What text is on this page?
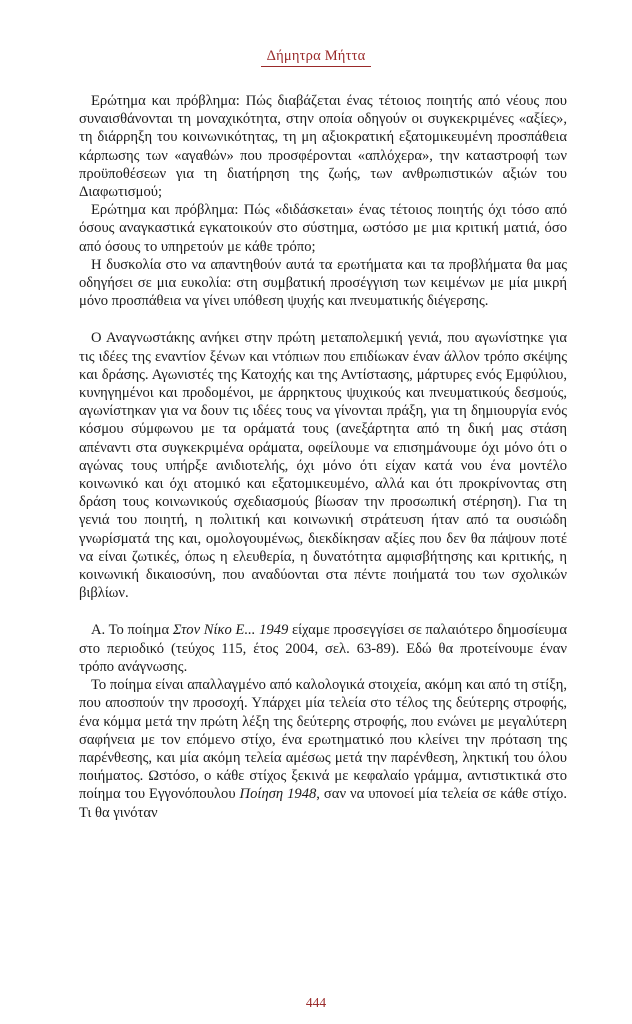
Δήμητρα Μήττα

Ερώτημα και πρόβλημα: Πώς διαβάζεται ένας τέτοιος ποιητής από νέους που συναισθάνονται τη μοναχικότητα, στην οποία οδηγούν οι συγκεκριμένες «αξίες», τη διάρρηξη του κοινωνικότητας, τη μη αξιοκρατική εξατομικευμένη προσπάθεια κάρπωσης των «αγαθών» που προσφέρονται «απλόχερα», την καταστροφή των προϋποθέσεων για τη διατήρηση της ζωής, των ανθρωπιστικών αξιών του Διαφωτισμού;

Ερώτημα και πρόβλημα: Πώς «διδάσκεται» ένας τέτοιος ποιητής όχι τόσο από όσους αναγκαστικά εγκατοικούν στο σύστημα, ωστόσο με μια κριτική ματιά, όσο από όσους το υπηρετούν με κάθε τρόπο;

Η δυσκολία στο να απαντηθούν αυτά τα ερωτήματα και τα προβλήματα θα μας οδηγήσει σε μια ευκολία: στη συμβατική προσέγγιση των κειμένων με μία μικρή μόνο προσπάθεια να γίνει υπόθεση ψυχής και πνευματικής διέγερσης.

Ο Αναγνωστάκης ανήκει στην πρώτη μεταπολεμική γενιά, που αγωνίστηκε για τις ιδέες της εναντίον ξένων και ντόπιων που επιδίωκαν έναν άλλον τρόπο σκέψης και δράσης. Αγωνιστές της Κατοχής και της Αντίστασης, μάρτυρες ενός Εμφύλιου, κυνηγημένοι και προδομένοι, με άρρηκτους ψυχικούς και πνευματικούς δεσμούς, αγωνίστηκαν για να δουν τις ιδέες τους να γίνονται πράξη, για τη δημιουργία ενός κόσμου σύμφωνου με τα οράματά τους (ανεξάρτητα από τη δική μας στάση απέναντι στα συγκεκριμένα οράματα, οφείλουμε να επισημάνουμε όχι μόνο ότι ο αγώνας τους υπήρξε ανιδιοτελής, όχι μόνο ότι είχαν κατά νου ένα μοντέλο κοινωνικό και όχι ατομικό και εξατομικευμένο, αλλά και ότι προκρίνοντας στη δράση τους κοινωνικούς σχεδιασμούς βίωσαν την προσωπική στέρηση). Για τη γενιά του ποιητή, η πολιτική και κοινωνική στράτευση ήταν από τα ουσιώδη γνωρίσματά της και, ομολογουμένως, διεκδίκησαν αξίες που δεν θα πάψουν ποτέ να είναι ζωτικές, όπως η ελευθερία, η δυνατότητα αμφισβήτησης και κριτικής, η κοινωνική δικαιοσύνη, που αναδύονται στα πέντε ποιήματά του των σχολικών βιβλίων.

Α. Το ποίημα Στον Νίκο Ε... 1949 είχαμε προσεγγίσει σε παλαιότερο δημοσίευμα στο περιοδικό (τεύχος 115, έτος 2004, σελ. 63-89). Εδώ θα προτείνουμε έναν τρόπο ανάγνωσης.

Το ποίημα είναι απαλλαγμένο από καλολογικά στοιχεία, ακόμη και από τη στίξη, που αποσπούν την προσοχή. Υπάρχει μία τελεία στο τέλος της δεύτερης στροφής, ένα κόμμα μετά την πρώτη λέξη της δεύτερης στροφής, που ενώνει με μεγαλύτερη σαφήνεια με τον επόμενο στίχο, ένα ερωτηματικό που κλείνει την πρόταση της παρένθεσης, και μία ακόμη τελεία αμέσως μετά την παρένθεση, ληκτική του όλου ποιήματος. Ωστόσο, ο κάθε στίχος ξεκινά με κεφαλαίο γράμμα, αντιστικτικά στο ποίημα του Εγγονόπουλου Ποίηση 1948, σαν να υπονοεί μία τελεία σε κάθε στίχο. Τι θα γινόταν

444
